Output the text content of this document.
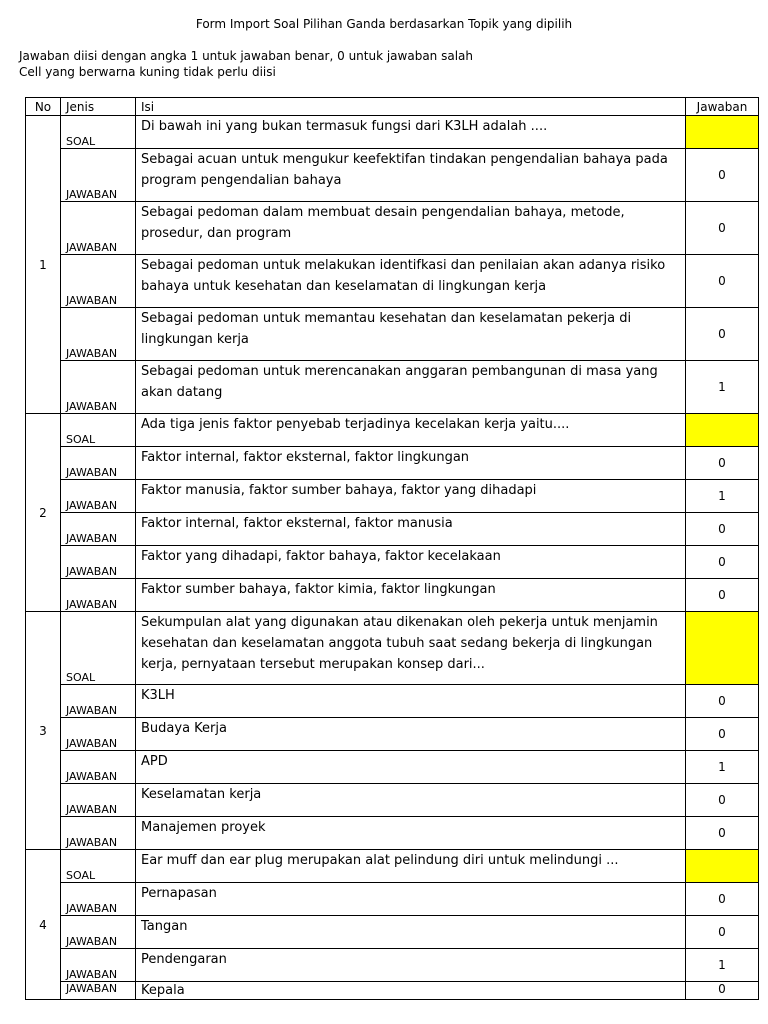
Form Import Soal Pilihan Ganda berdasarkan Topik yang dipilih
Jawaban diisi dengan angka 1 untuk jawaban benar, 0 untuk jawaban salah
Cell yang berwarna kuning tidak perlu diisi
No	Jenis	Isi	Jawaban
1	SOAL	Di bawah ini yang bukan termasuk fungsi dari K3LH adalah ....	
	JAWABAN	Sebagai acuan untuk mengukur keefektifan tindakan pengendalian bahaya pada program pengendalian bahaya	0
	JAWABAN	Sebagai pedoman dalam membuat desain pengendalian bahaya, metode, prosedur, dan program	0
	JAWABAN	Sebagai pedoman untuk melakukan identifkasi dan penilaian akan adanya risiko bahaya untuk kesehatan dan keselamatan di lingkungan kerja	0
	JAWABAN	Sebagai pedoman untuk memantau kesehatan dan keselamatan pekerja di lingkungan kerja	0
	JAWABAN	Sebagai pedoman untuk merencanakan anggaran pembangunan di masa yang akan datang	1
2	SOAL	Ada tiga jenis faktor penyebab terjadinya kecelakan kerja yaitu....	
	JAWABAN	Faktor internal, faktor eksternal, faktor lingkungan	0
	JAWABAN	Faktor manusia, faktor sumber bahaya, faktor yang dihadapi	1
	JAWABAN	Faktor internal, faktor eksternal, faktor manusia	0
	JAWABAN	Faktor yang dihadapi, faktor bahaya, faktor kecelakaan	0
	JAWABAN	Faktor sumber bahaya, faktor kimia, faktor lingkungan	0
3	SOAL	Sekumpulan alat yang digunakan atau dikenakan oleh pekerja untuk menjamin kesehatan dan keselamatan anggota tubuh saat sedang bekerja di lingkungan kerja, pernyataan tersebut merupakan konsep dari...	
	JAWABAN	K3LH	0
	JAWABAN	Budaya Kerja	0
	JAWABAN	APD	1
	JAWABAN	Keselamatan kerja	0
	JAWABAN	Manajemen proyek	0
4	SOAL	Ear muff dan ear plug merupakan alat pelindung diri untuk melindungi ...	
	JAWABAN	Pernapasan	0
	JAWABAN	Tangan	0
	JAWABAN	Pendengaran	1
	JAWABAN	Kepala	0
